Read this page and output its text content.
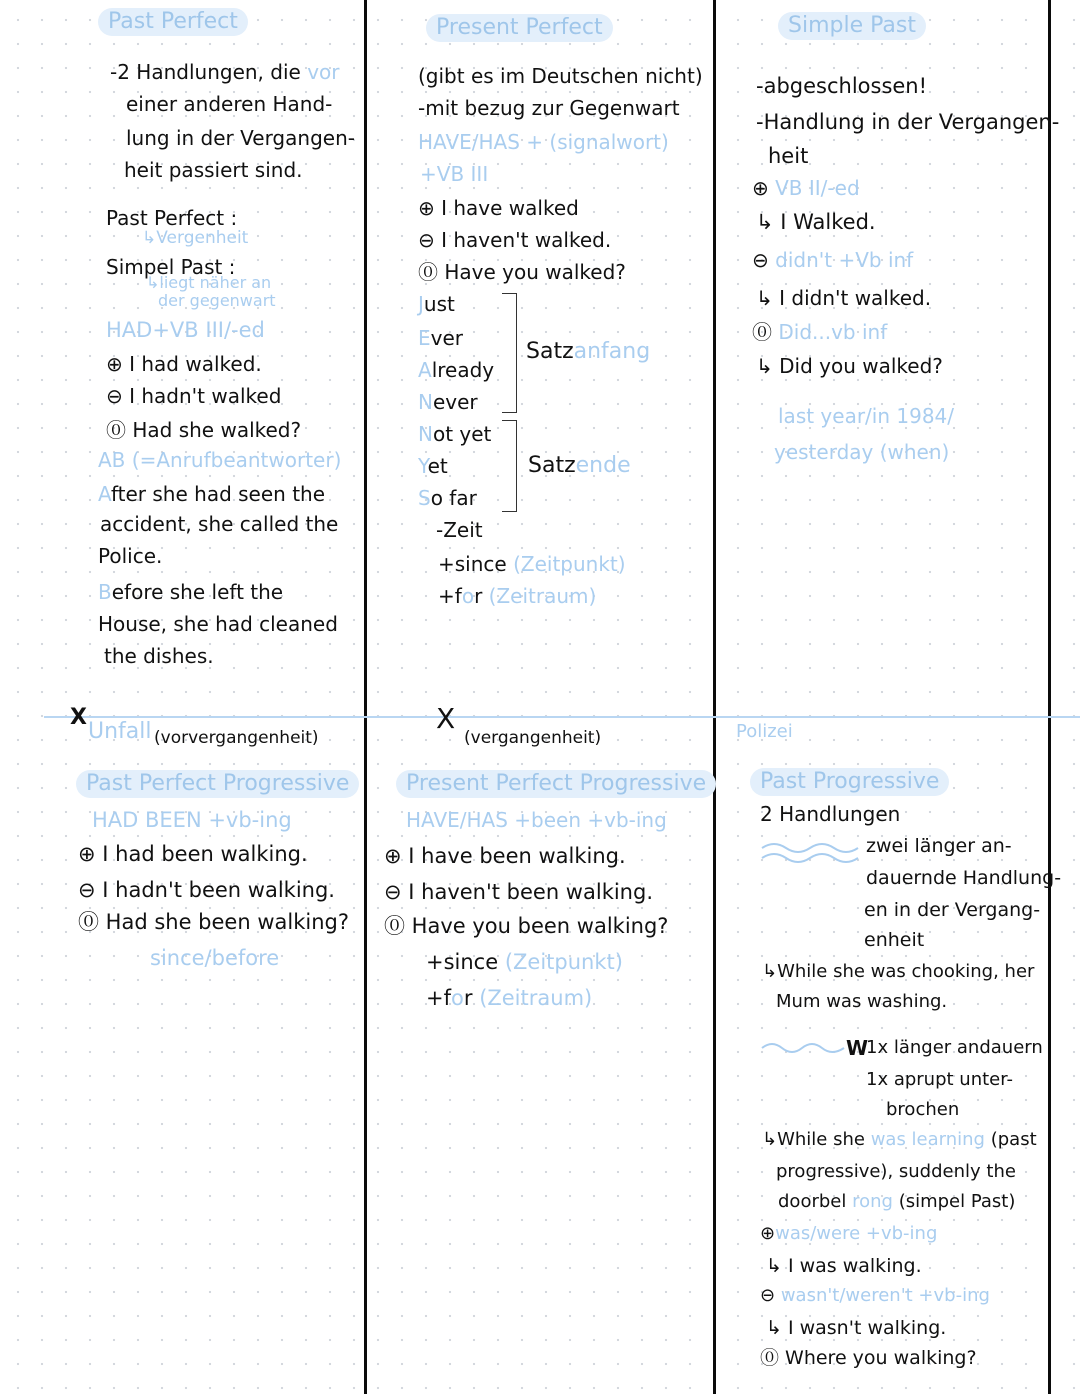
Past Perfect
-2 Handlungen, die vor
einer anderen Hand-
lung in der Vergangen-
heit passiert sind.
Past Perfect :
↳Vergenheit
Simpel Past :
↳liegt näher an
der gegenwart
HAD+VB III/-ed
⊕ I had walked.
⊖ I hadn't walked
⓪ Had she walked?
AB (=Anrufbeantworter)
After she had seen the
accident, she called the
Police.
Before she left the
House, she had cleaned
the dishes.
Present Perfect
(gibt es im Deutschen nicht)
-mit bezug zur Gegenwart
HAVE/HAS + (signalwort)
+VB III
⊕ I have walked
⊖ I haven't walked.
⓪ Have you walked?
Just
Ever
Already
Never
Not yet
Yet
So far
Satzanfang
Satzende
-Zeit
+since (Zeitpunkt)
+for (Zeitraum)
Simple Past
-abgeschlossen!
-Handlung in der Vergangen-
heit
⊕ VB II/-ed
↳ I Walked.
⊖ didn't +Vb inf
↳ I didn't walked.
⓪ Did...vb inf
↳ Did you walked?
last year/in 1984/
yesterday (when)
X
Unfall (vorvergangenheit)
X
(vergangenheit)	Polizei
Past Perfect Progressive
HAD BEEN +vb-ing
⊕ I had been walking.
⊖ I hadn't been walking.
⓪ Had she been walking?
since/before
Present Perfect Progressive
HAVE/HAS +been +vb-ing
⊕ I have been walking.
⊖ I haven't been walking.
⓪ Have you been walking?
+since (Zeitpunkt)
+for (Zeitraum)
Past Progressive
2 Handlungen
zwei länger an-
dauernde Handlung-
en in der Vergang-
enheit
↳While she was chooking, her
Mum was washing.
W
1x länger andauern
1x aprupt unter-
brochen
↳While she was learning (past
progressive), suddenly the
doorbel rong (simpel Past)
⊕was/were +vb-ing
↳ I was walking.
⊖ wasn't/weren't +vb-ing
↳ I wasn't walking.
⓪ Where you walking?
